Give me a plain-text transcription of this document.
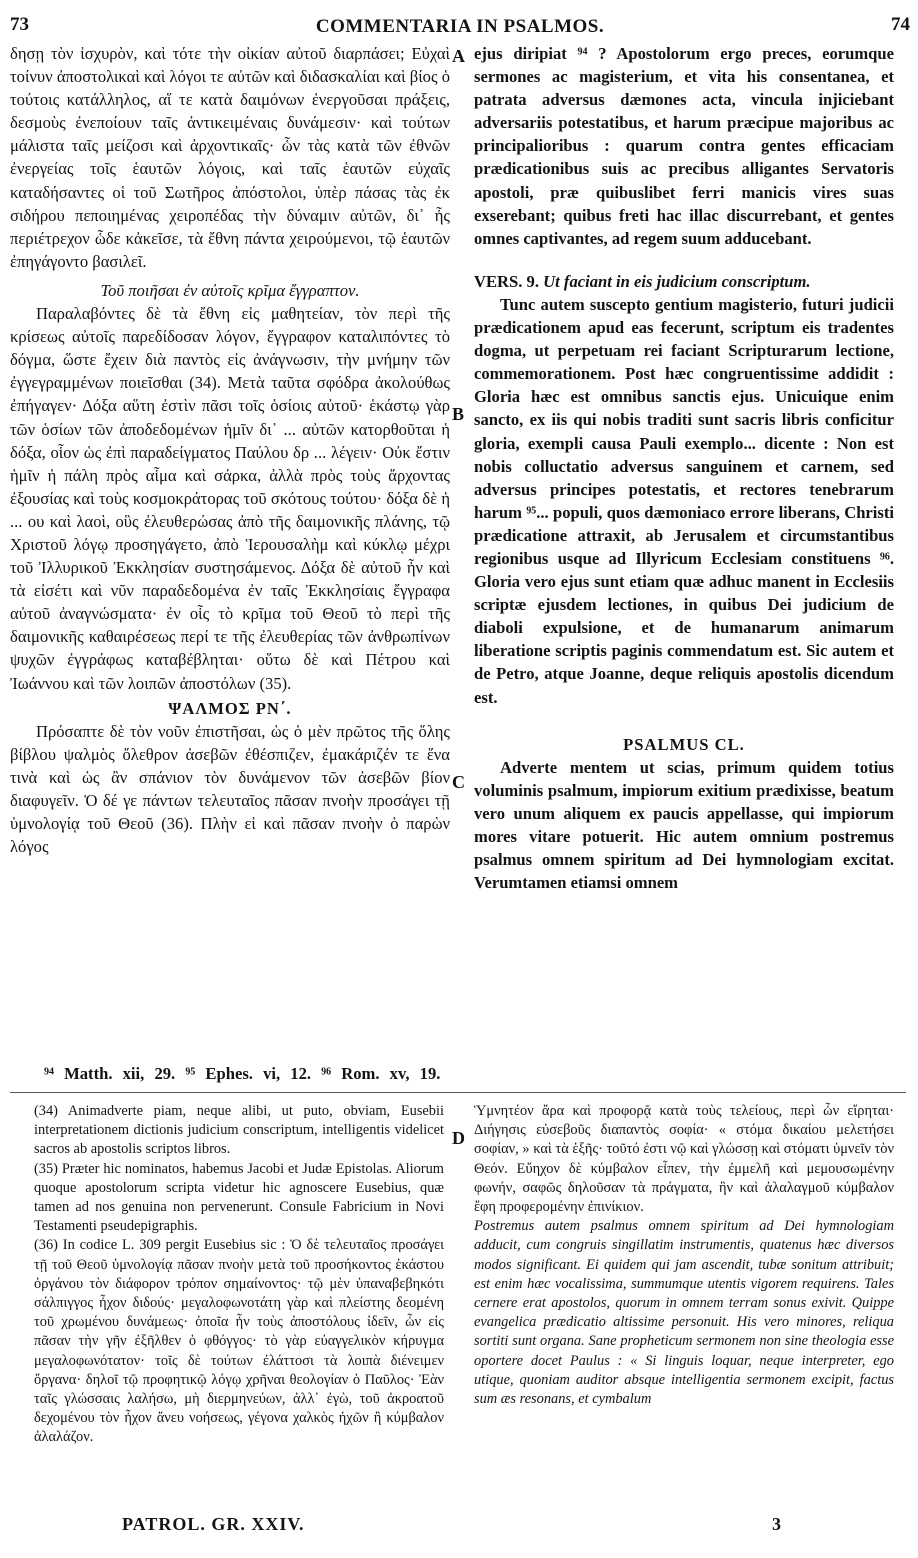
73	COMMENTARIA IN PSALMOS.	74
A
B
C
D

δησῃ τὸν ἰσχυρὸν, καὶ τότε τὴν οἰκίαν αὐτοῦ διαρπάσει; Εὐχαὶ τοίνυν ἀποστολικαὶ καὶ λόγοι τε αὐτῶν καὶ διδασκαλίαι καὶ βίος ὁ τούτοις κατάλληλος, αἵ τε κατὰ δαιμόνων ἐνεργοῦσαι πράξεις, δεσμοὺς ἐνεποίουν ταῖς ἀντικειμέναις δυνάμεσιν· καὶ τούτων μάλιστα ταῖς μείζοσι καὶ ἀρχοντικαῖς· ὧν τὰς κατὰ τῶν ἐθνῶν ἐνεργείας τοῖς ἑαυτῶν λόγοις, καὶ ταῖς ἑαυτῶν εὐχαῖς καταδήσαντες οἱ τοῦ Σωτῆρος ἀπόστολοι, ὑπὲρ πάσας τὰς ἐκ σιδήρου πεποιημένας χειροπέδας τὴν δύναμιν αὐτῶν, δι᾽ ἧς περιέτρεχον ὧδε κἀκεῖσε, τὰ ἔθνη πάντα χειρούμενοι, τῷ ἑαυτῶν ἐπηγάγοντο βασιλεῖ.

Τοῦ ποιῆσαι ἐν αὐτοῖς κρῖμα ἔγγραπτον.

Παραλαβόντες δὲ τὰ ἔθνη εἰς μαθητείαν, τὸν περὶ τῆς κρίσεως αὐτοῖς παρεδίδοσαν λόγον, ἔγγραφον καταλιπόντες τὸ δόγμα, ὥστε ἔχειν διὰ παντὸς εἰς ἀνάγνωσιν, τὴν μνήμην τῶν ἐγγεγραμμένων ποιεῖσθαι (34). Μετὰ ταῦτα σφόδρα ἀκολούθως ἐπήγαγεν· Δόξα αὕτη ἐστὶν πᾶσι τοῖς ὁσίοις αὐτοῦ· ἑκάστῳ γὰρ τῶν ὁσίων τῶν ἀποδεδομένων ἡμῖν δι᾽ ... αὐτῶν κατορθοῦται ἡ δόξα, οἷον ὡς ἐπὶ παραδείγματος Παύλου δρ ... λέγειν· Οὐκ ἔστιν ἡμῖν ἡ πάλη πρὸς αἷμα καὶ σάρκα, ἀλλὰ πρὸς τοὺς ἄρχοντας ἐξουσίας καὶ τοὺς κοσμοκράτορας τοῦ σκότους τούτου· δόξα δὲ ἡ ... ου καὶ λαοὶ, οὓς ἐλευθερώσας ἀπὸ τῆς δαιμονικῆς πλάνης, τῷ Χριστοῦ λόγῳ προσηγάγετο, ἀπὸ Ἱερουσαλὴμ καὶ κύκλῳ μέχρι τοῦ Ἰλλυρικοῦ Ἐκκλησίαν συστησάμενος. Δόξα δὲ αὐτοῦ ἦν καὶ τὰ εἰσέτι καὶ νῦν παραδεδομένα ἐν ταῖς Ἐκκλησίαις ἔγγραφα αὐτοῦ ἀναγνώσματα· ἐν οἷς τὸ κρῖμα τοῦ Θεοῦ τὸ περὶ τῆς δαιμονικῆς καθαιρέσεως περί τε τῆς ἐλευθερίας τῶν ἀνθρωπίνων ψυχῶν ἐγγράφως καταβέβληται· οὕτω δὲ καὶ Πέτρου καὶ Ἰωάννου καὶ τῶν λοιπῶν ἀποστόλων (35).

ΨΑΛΜΟΣ ΡΝ΄.

Πρόσαπτε δὲ τὸν νοῦν ἐπιστῆσαι, ὡς ὁ μὲν πρῶτος τῆς ὅλης βίβλου ψαλμὸς ὄλεθρον ἀσεβῶν ἐθέσπιζεν, ἐμακάριζέν τε ἕνα τινὰ καὶ ὡς ἂν σπάνιον τὸν δυνάμενον τῶν ἀσεβῶν βίον διαφυγεῖν. Ὁ δέ γε πάντων τελευταῖος πᾶσαν πνοὴν προσάγει τῇ ὑμνολογίᾳ τοῦ Θεοῦ (36). Πλὴν εἰ καὶ πᾶσαν πνοὴν ὁ παρὼν λόγος

ejus diripiat ⁹⁴ ? Apostolorum ergo preces, eorumque sermones ac magisterium, et vita his consentanea, et patrata adversus dæmones acta, vincula injiciebant adversariis potestatibus, et harum præcipue majoribus ac principalioribus : quarum contra gentes efficaciam prædicationibus suis ac precibus alligantes Servatoris apostoli, præ quibuslibet ferri manicis vires suas exserebant; quibus freti hac illac discurrebant, et gentes omnes captivantes, ad regem suum adducebant.

VERS. 9. Ut faciant in eis judicium conscriptum.

Tunc autem suscepto gentium magisterio, futuri judicii prædicationem apud eas fecerunt, scriptum eis tradentes dogma, ut perpetuam rei faciant Scripturarum lectione, commemorationem. Post hæc congruentissime addidit : Gloria hæc est omnibus sanctis ejus. Unicuique enim sancto, ex iis qui nobis traditi sunt sacris libris conficitur gloria, exempli causa Pauli exemplo... dicente : Non est nobis colluctatio adversus sanguinem et carnem, sed adversus principes potestatis, et rectores tenebrarum harum ⁹⁵... populi, quos dæmoniaco errore liberans, Christi prædicatione attraxit, ab Jerusalem et circumstantibus regionibus usque ad Illyricum Ecclesiam constituens ⁹⁶. Gloria vero ejus sunt etiam quæ adhuc manent in Ecclesiis scriptæ ejusdem lectiones, in quibus Dei judicium de diaboli expulsione, et de humanarum animarum liberatione scriptis paginis commendatum est. Sic autem et de Petro, atque Joanne, deque reliquis apostolis dicendum est.

PSALMUS CL.

Adverte mentem ut scias, primum quidem totius voluminis psalmum, impiorum exitium prædixisse, beatum vero unum aliquem ex paucis appellasse, qui impiorum mores vitare potuerit. Hic autem omnium postremus psalmus omnem spiritum ad Dei hymnologiam excitat. Verumtamen etiamsi omnem

⁹⁴ Matth. xii, 29. ⁹⁵ Ephes. vi, 12. ⁹⁶ Rom. xv, 19.

(34) Animadverte piam, neque alibi, ut puto, obviam, Eusebii interpretationem dictionis judicium conscriptum, intelligentis videlicet sacros ab apostolis scriptos libros.

(35) Præter hic nominatos, habemus Jacobi et Judæ Epistolas. Aliorum quoque apostolorum scripta videtur hic agnoscere Eusebius, quæ tamen ad nos genuina non pervenerunt. Consule Fabricium in Novi Testamenti pseudepigraphis.

(36) In codice L. 309 pergit Eusebius sic : Ὁ δὲ τελευταῖος προσάγει τῇ τοῦ Θεοῦ ὑμνολογίᾳ πᾶσαν πνοὴν μετὰ τοῦ προσήκοντος ἑκάστου ὀργάνου τὸν διάφορον τρόπον σημαίνοντος· τῷ μὲν ὑπαναβεβηκότι σάλπιγγος ἦχον διδούς· μεγαλοφωνοτάτη γὰρ καὶ πλείστης δεομένη τοῦ χρωμένου δυνάμεως· ὁποῖα ἦν τοὺς ἀποστόλους ἰδεῖν, ὧν εἰς πᾶσαν τὴν γῆν ἐξῆλθεν ὁ φθόγγος· τὸ γὰρ εὐαγγελικὸν κήρυγμα μεγαλοφωνότατον· τοῖς δὲ τούτων ἐλάττοσι τὰ λοιπὰ διένειμεν ὄργανα· δηλοῖ τῷ προφητικῷ λόγῳ χρῆναι θεολογίαν ὁ Παῦλος· Ἐὰν ταῖς γλώσσαις λαλήσω, μὴ διερμηνεύων, ἀλλ᾽ ἐγὼ, τοῦ ἀκροατοῦ δεχομένου τὸν ἦχον ἄνευ νοήσεως, γέγονα χαλκὸς ἠχῶν ἢ κύμβαλον ἀλαλάζον.

Ὑμνητέον ἄρα καὶ προφορᾷ κατὰ τοὺς τελείους, περὶ ὧν εἴρηται· Διήγησις εὐσεβοῦς διαπαντὸς σοφία· « στόμα δικαίου μελετήσει σοφίαν, » καὶ τὰ ἑξῆς· τοῦτό ἐστι νῷ καὶ γλώσσῃ καὶ στόματι ὑμνεῖν τὸν Θεόν. Εὔηχον δὲ κύμβαλον εἶπεν, τὴν ἐμμελῆ καὶ μεμουσωμένην φωνήν, σαφῶς δηλοῦσαν τὰ πράγματα, ἣν καὶ ἀλαλαγμοῦ κύμβαλον ἔφη προφερομένην ἐπινίκιον.

Postremus autem psalmus omnem spiritum ad Dei hymnologiam adducit, cum congruis singillatim instrumentis, quatenus hæc diversos modos significant. Ei quidem qui jam ascendit, tubæ sonitum attribuit; est enim hæc vocalissima, summumque utentis vigorem requirens. Tales cernere erat apostolos, quorum in omnem terram sonus exivit. Quippe evangelica prædicatio altissime personuit. His vero minores, reliqua sortiti sunt organa. Sane propheticum sermonem non sine theologia esse oportere docet Paulus : « Si linguis loquar, neque interpreter, ego utique, quoniam auditor absque intelligentia sermonem excipit, factus sum æs resonans, et cymbalum

PATROL. GR. XXIV.	3
